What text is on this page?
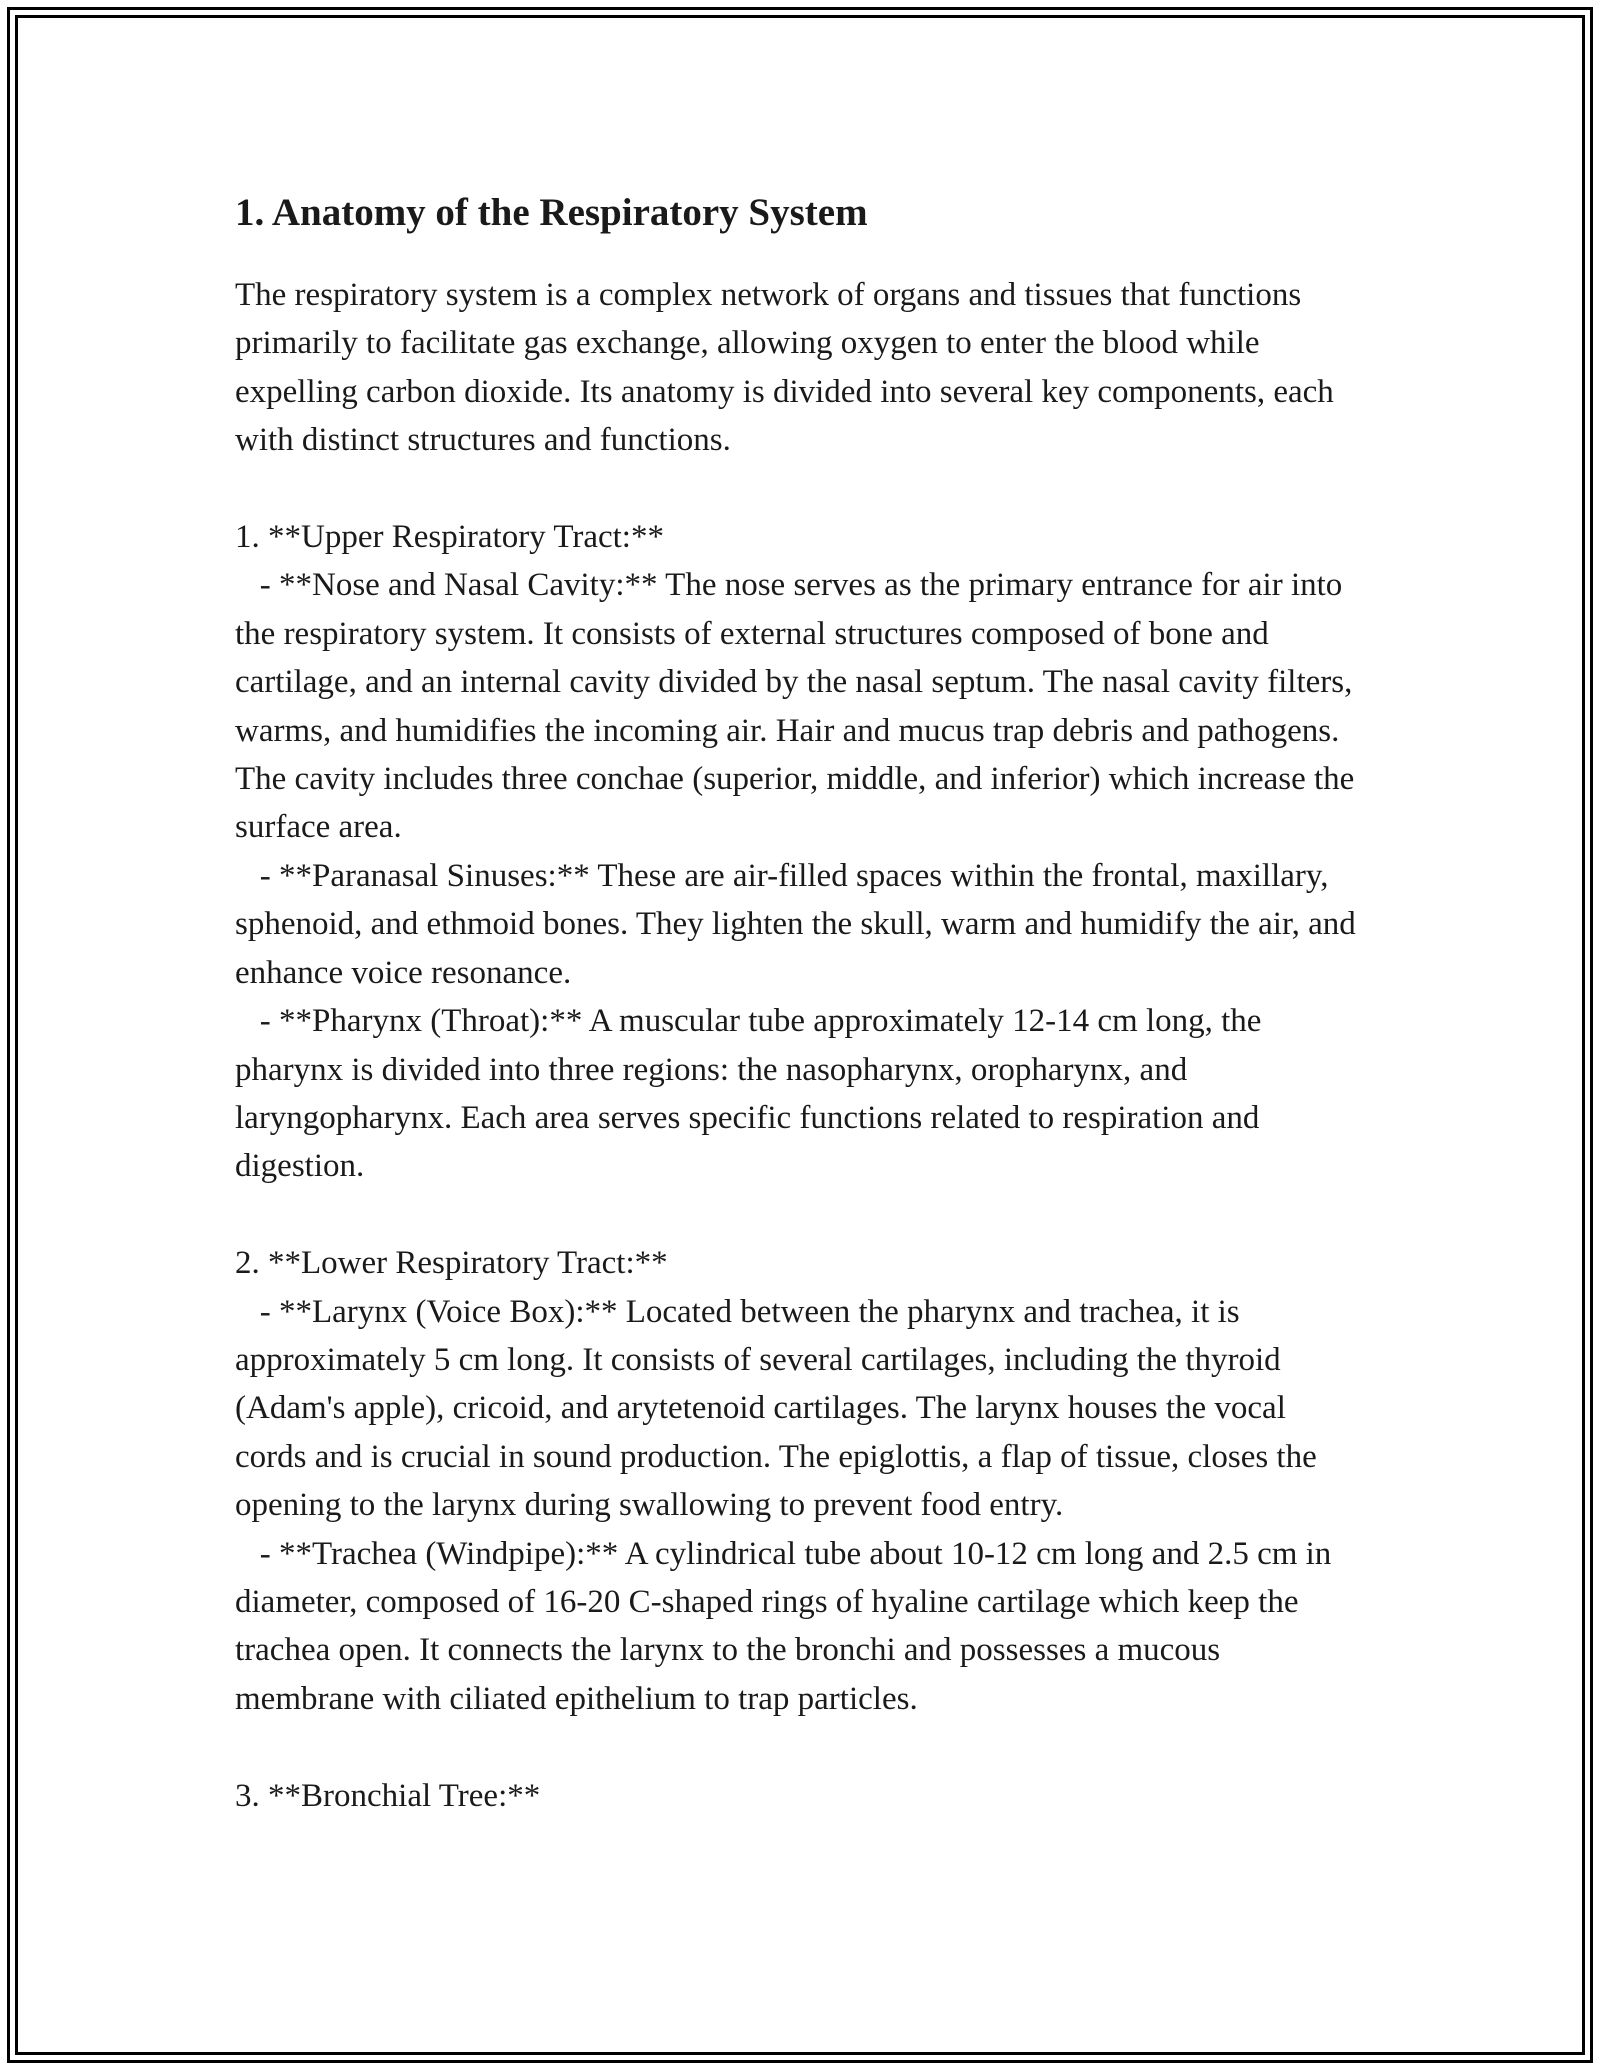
1. Anatomy of the Respiratory System

The respiratory system is a complex network of organs and tissues that functions primarily to facilitate gas exchange, allowing oxygen to enter the blood while expelling carbon dioxide. Its anatomy is divided into several key components, each with distinct structures and functions.

1. **Upper Respiratory Tract:**
- **Nose and Nasal Cavity:** The nose serves as the primary entrance for air into the respiratory system. It consists of external structures composed of bone and cartilage, and an internal cavity divided by the nasal septum. The nasal cavity filters, warms, and humidifies the incoming air. Hair and mucus trap debris and pathogens. The cavity includes three conchae (superior, middle, and inferior) which increase the surface area.
- **Paranasal Sinuses:** These are air-filled spaces within the frontal, maxillary, sphenoid, and ethmoid bones. They lighten the skull, warm and humidify the air, and enhance voice resonance.
- **Pharynx (Throat):** A muscular tube approximately 12-14 cm long, the pharynx is divided into three regions: the nasopharynx, oropharynx, and laryngopharynx. Each area serves specific functions related to respiration and digestion.

2. **Lower Respiratory Tract:**
- **Larynx (Voice Box):** Located between the pharynx and trachea, it is approximately 5 cm long. It consists of several cartilages, including the thyroid (Adam's apple), cricoid, and arytetenoid cartilages. The larynx houses the vocal cords and is crucial in sound production. The epiglottis, a flap of tissue, closes the opening to the larynx during swallowing to prevent food entry.
- **Trachea (Windpipe):** A cylindrical tube about 10-12 cm long and 2.5 cm in diameter, composed of 16-20 C-shaped rings of hyaline cartilage which keep the trachea open. It connects the larynx to the bronchi and possesses a mucous membrane with ciliated epithelium to trap particles.

3. **Bronchial Tree:**
